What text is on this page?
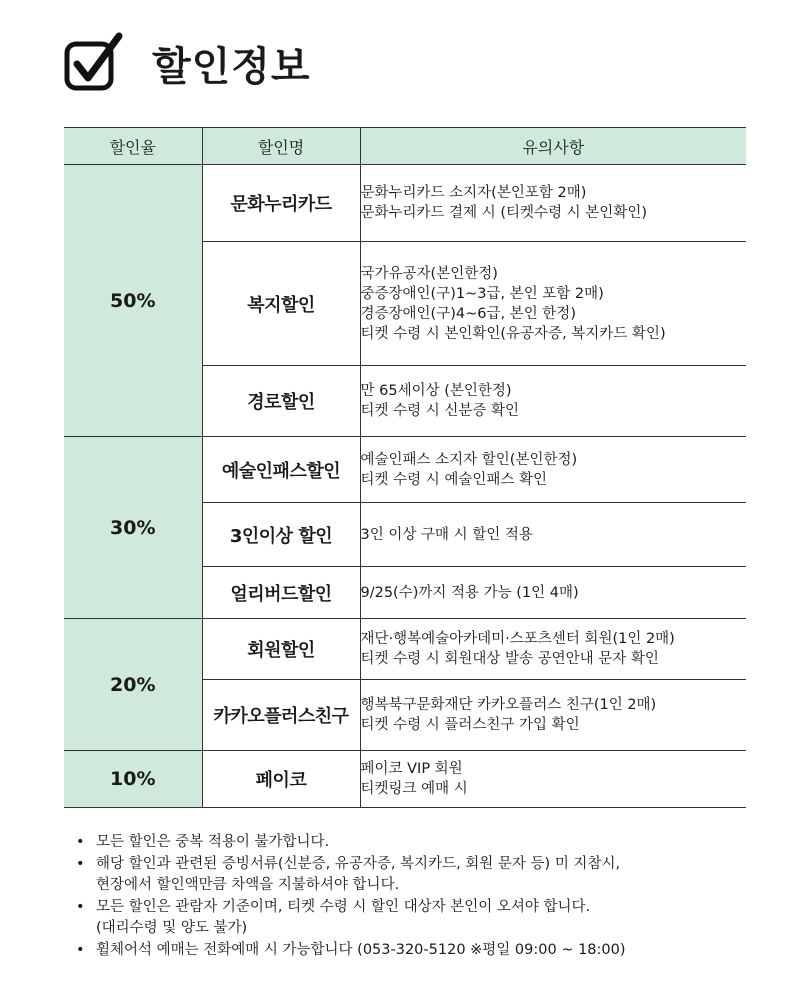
할인정보
할인율	할인명	유의사항
50%	문화누리카드	문화누리카드 소지자(본인포함 2매)
문화누리카드 결제 시 (티켓수령 시 본인확인)

	복지할인	국가유공자(본인한정)
중증장애인(구)1~3급, 본인 포함 2매)
경증장애인(구)4~6급, 본인 한정)
티켓 수령 시 본인확인(유공자증, 복지카드 확인)

	경로할인	만 65세이상 (본인한정)
티켓 수령 시 신분증 확인

30%	예술인패스할인	예술인패스 소지자 할인(본인한정)
티켓 수령 시 예술인패스 확인

	3인이상 할인	3인 이상 구매 시 할인 적용

	얼리버드할인	9/25(수)까지 적용 가능 (1인 4매)

20%	회원할인	재단·행복예술아카데미·스포츠센터 회원(1인 2매)
티켓 수령 시 회원대상 발송 공연안내 문자 확인

	카카오플러스친구	행복북구문화재단 카카오플러스 친구(1인 2매)
티켓 수령 시 플러스친구 가입 확인

10%	페이코	페이코 VIP 회원
티켓링크 예매 시
• 모든 할인은 중복 적용이 불가합니다.
• 해당 할인과 관련된 증빙서류(신분증, 유공자증, 복지카드, 회원 문자 등) 미 지참시,
현장에서 할인액만큼 차액을 지불하셔야 합니다.
• 모든 할인은 관람자 기준이며, 티켓 수령 시 할인 대상자 본인이 오셔야 합니다.
(대리수령 및 양도 불가)
• 휠체어석 예매는 전화예매 시 가능합니다 (053-320-5120 ※평일 09:00 ~ 18:00)
